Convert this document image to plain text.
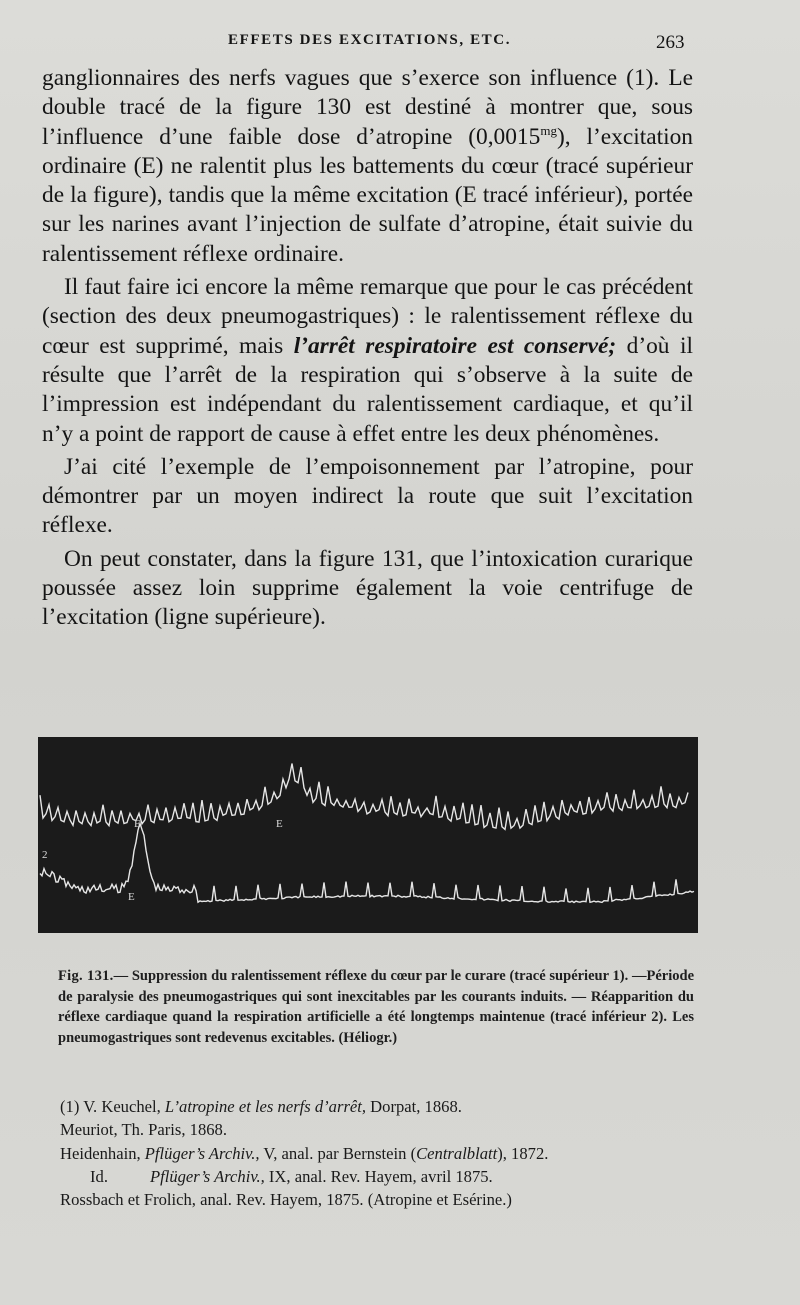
EFFETS DES EXCITATIONS, ETC.	263

ganglionnaires des nerfs vagues que s’exerce son influence (1). Le double tracé de la figure 130 est destiné à montrer que, sous l’influence d’une faible dose d’atropine $(0,0015^{mg})$, l’excitation ordinaire (E) ne ralentit plus les battements du cœur (tracé supérieur de la figure), tandis que la même excitation (E tracé inférieur), portée sur les narines avant l’injection de sulfate d’atropine, était suivie du ralentissement réflexe ordinaire.

Il faut faire ici encore la même remarque que pour le cas précédent (section des deux pneumogastriques) : le ralentissement réflexe du cœur est supprimé, mais l’arrêt respiratoire est conservé; d’où il résulte que l’arrêt de la respiration qui s’observe à la suite de l’impression est indépendant du ralentissement cardiaque, et qu’il n’y a point de rapport de cause à effet entre les deux phénomènes.

J’ai cité l’exemple de l’empoisonnement par l’atropine, pour démontrer par un moyen indirect la route que suit l’excitation réflexe.

On peut constater, dans la figure 131, que l’intoxication curarique poussée assez loin supprime également la voie centrifuge de l’excitation (ligne supérieure).

E	E
E
2
Fig. 131.— Suppression du ralentissement réflexe du cœur par le curare (tracé supérieur 1). —Période de paralysie des pneumogastriques qui sont inexcitables par les courants induits. — Réapparition du réflexe cardiaque quand la respiration artificielle a été longtemps maintenue (tracé inférieur 2). Les pneumogastriques sont redevenus excitables. (Héliogr.)
(1) V. Keuchel, L’atropine et les nerfs d’arrêt, Dorpat, 1868.
Meuriot, Th. Paris, 1868.
Heidenhain, Pflüger’s Archiv., V, anal. par Bernstein (Centralblatt), 1872.
Id.	Pflüger’s Archiv., IX, anal. Rev. Hayem, avril 1875.
Rossbach et Frolich, anal. Rev. Hayem, 1875. (Atropine et Esérine.)
